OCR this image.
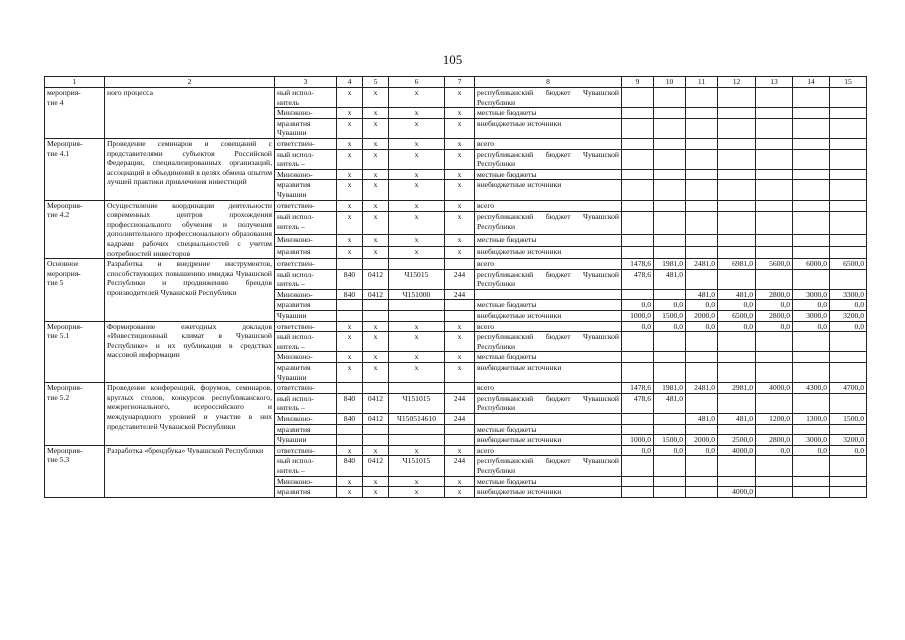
105
1	2	3	4	5	6	7	8	9	10	11	12	13	14	15
мероприя-
тие 4	ного процесса	ный испол-
нитель	x	x	x	x	республиканский бюджет Чувашской Республики							
		Минэконо-	x	x	x	x	местные бюджеты							
		мразвития
Чувашии	x	x	x	x	внебюджетные источники							
Мероприя-
тие 4.1	Проведение семинаров и совещаний с представителями субъектов Российской Федерации, специализированных организаций, ассоциаций в объединений в целях обмена опытом лучшей практики привлечения инвестиций	ответствен-	x	x	x	x	всего							
		ный испол-
нитель –	x	x	x	x	республиканский бюджет Чувашской Республики							
		Минэконо-	x	x	x	x	местные бюджеты							
		мразвития
Чувашии	x	x	x	x	внебюджетные источники							
Мероприя-
тие 4.2	Осуществление координации деятельности современных центров прохождения профессионального обучения и получения дополнительного профессионального образования кадрами рабочих специальностей с учетом потребностей инвесторов	ответствен-	x	x	x	x	всего							
		ный испол-
нитель –	x	x	x	x	республиканский бюджет Чувашской Республики							
		Минэконо-	x	x	x	x	местные бюджеты							
		мразвития	x	x	x	x	внебюджетные источники							
Основное
мероприя-
тие 5	Разработка и внедрение инструментов, способствующих повышению имиджа Чувашской Республики и продвижению брендов производителей Чувашской Республики	ответствен-					всего	1478,6	1981,0	2481,0	6981,0	5600,0	6000,0	6500,0
		ный испол-
нитель –	840	0412	Ч15015	244	республиканский бюджет Чувашской Республики	478,6	481,0					
		Минэконо-	840	0412	Ч151000	244				481,0	481,0	2800,0	3000,0	3300,0
		мразвития					местные бюджеты	0,0	0,0	0,0	0,0	0,0	0,0	0,0
		Чувашии					внебюджетные источники	1000,0	1500,0	2000,0	6500,0	2800,0	3000,0	3200,0
Мероприя-
тие 5.1	Формирование ежегодных докладов «Инвестиционный климат в Чувашской Республике» и их публикация в средствах массовой информации	ответствен-	x	x	x	x	всего	0,0	0,0	0,0	0,0	0,0	0,0	0,0
		ный испол-
нитель –	x	x	x	x	республиканский бюджет Чувашской Республики							
		Минэконо-	x	x	x	x	местные бюджеты							
		мразвития
Чувашии	x	x	x	x	внебюджетные источники							
Мероприя-
тие 5.2	Проведение конференций, форумов, семинаров, круглых столов, конкурсов республиканского, межрегионального, всероссийского и международного уровней и участие в них представителей Чувашской Республики	ответствен-					всего	1478,6	1981,0	2481,0	2981,0	4000,0	4300,0	4700,0
		ный испол-
нитель –	840	0412	Ч151015	244	республиканский бюджет Чувашской Республики	478,6	481,0					
		Минэконо-	840	0412	Ч150514610	244				481,0	481,0	1200,0	1300,0	1500,0
		мразвития					местные бюджеты							
		Чувашии					внебюджетные источники	1000,0	1500,0	2000,0	2500,0	2800,0	3000,0	3200,0
Мероприя-
тие 5.3	Разработка «брендбука» Чувашской Республики	ответствен-	x	x	x	x	всего	0,0	0,0	0,0	4000,0	0,0	0,0	0,0
		ный испол-
нитель –	840	0412	Ч151015	244	республиканский бюджет Чувашской Республики							
		Минэконо-	x	x	x	x	местные бюджеты							
		мразвития	x	x	x	x	внебюджетные источники				4000,0			
